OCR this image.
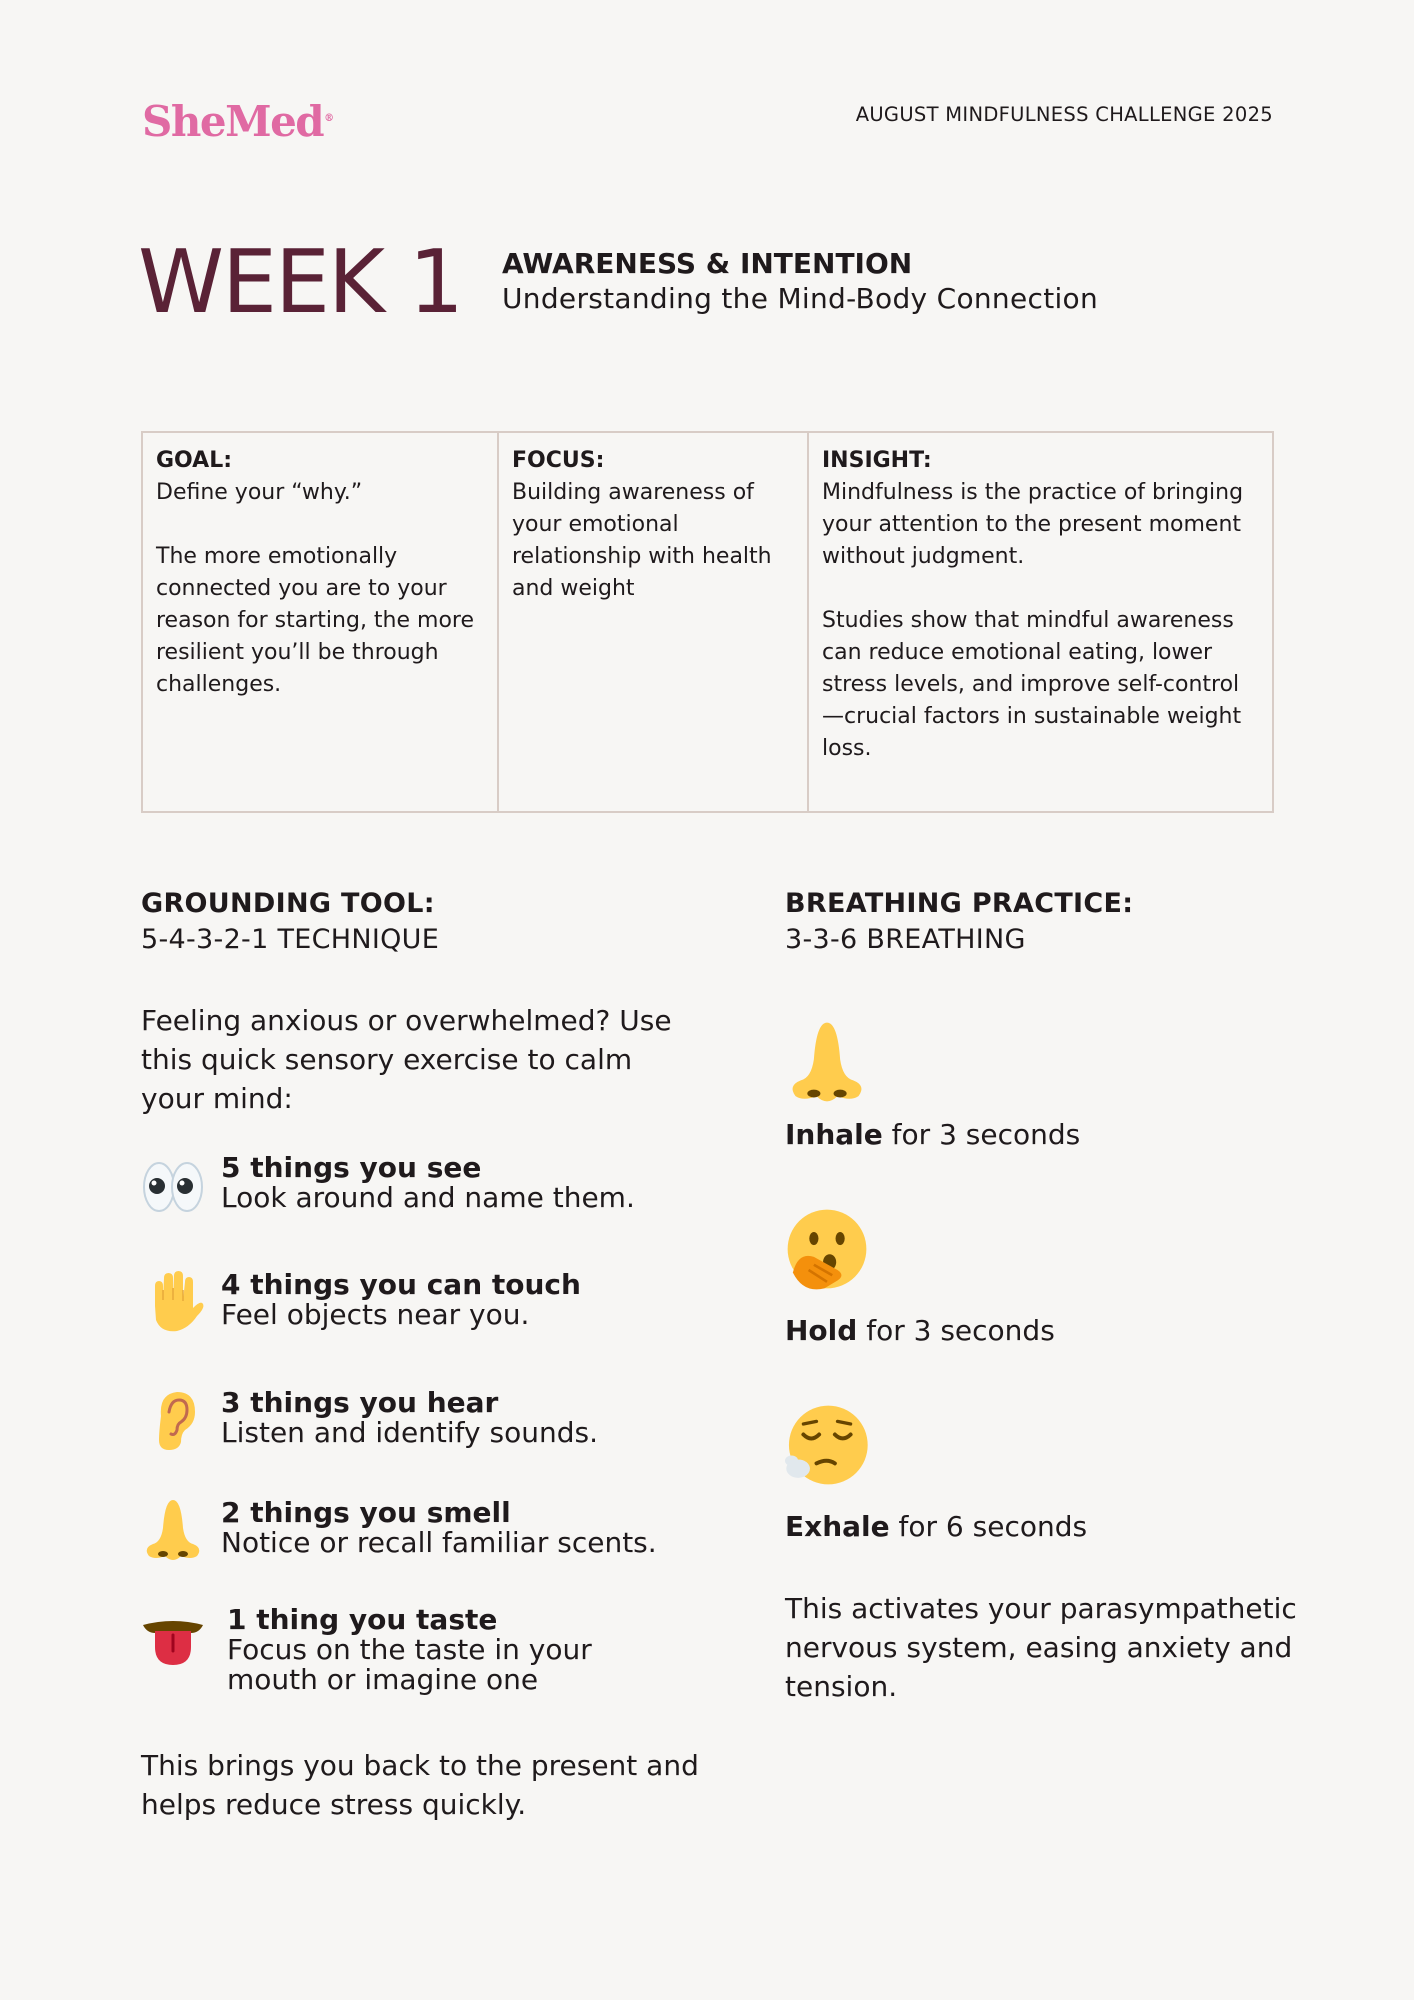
SheMed®	AUGUST MINDFULNESS CHALLENGE 2025
WEEK 1 AWARENESS & INTENTION
Understanding the Mind-Body Connection
GOAL:

Define your “why.”

The more emotionally connected you are to your reason for starting, the more resilient you’ll be through challenges.

FOCUS:

Building awareness of your emotional relationship with health and weight

INSIGHT:

Mindfulness is the practice of bringing your attention to the present moment without judgment.

Studies show that mindful awareness can reduce emotional eating, lower stress levels, and improve self-control—crucial factors in sustainable weight loss.

GROUNDING TOOL:
5-4-3-2-1 TECHNIQUE

Feeling anxious or overwhelmed? Use this quick sensory exercise to calm your mind:

5 things you see
Look around and name them.
4 things you can touch
Feel objects near you.
3 things you hear
Listen and identify sounds.
2 things you smell
Notice or recall familiar scents.
1 thing you taste
Focus on the taste in your mouth or imagine one

This brings you back to the present and helps reduce stress quickly.

BREATHING PRACTICE:
3-3-6 BREATHING
Inhale for 3 seconds
Hold for 3 seconds
Exhale for 6 seconds

This activates your parasympathetic nervous system, easing anxiety and tension.
